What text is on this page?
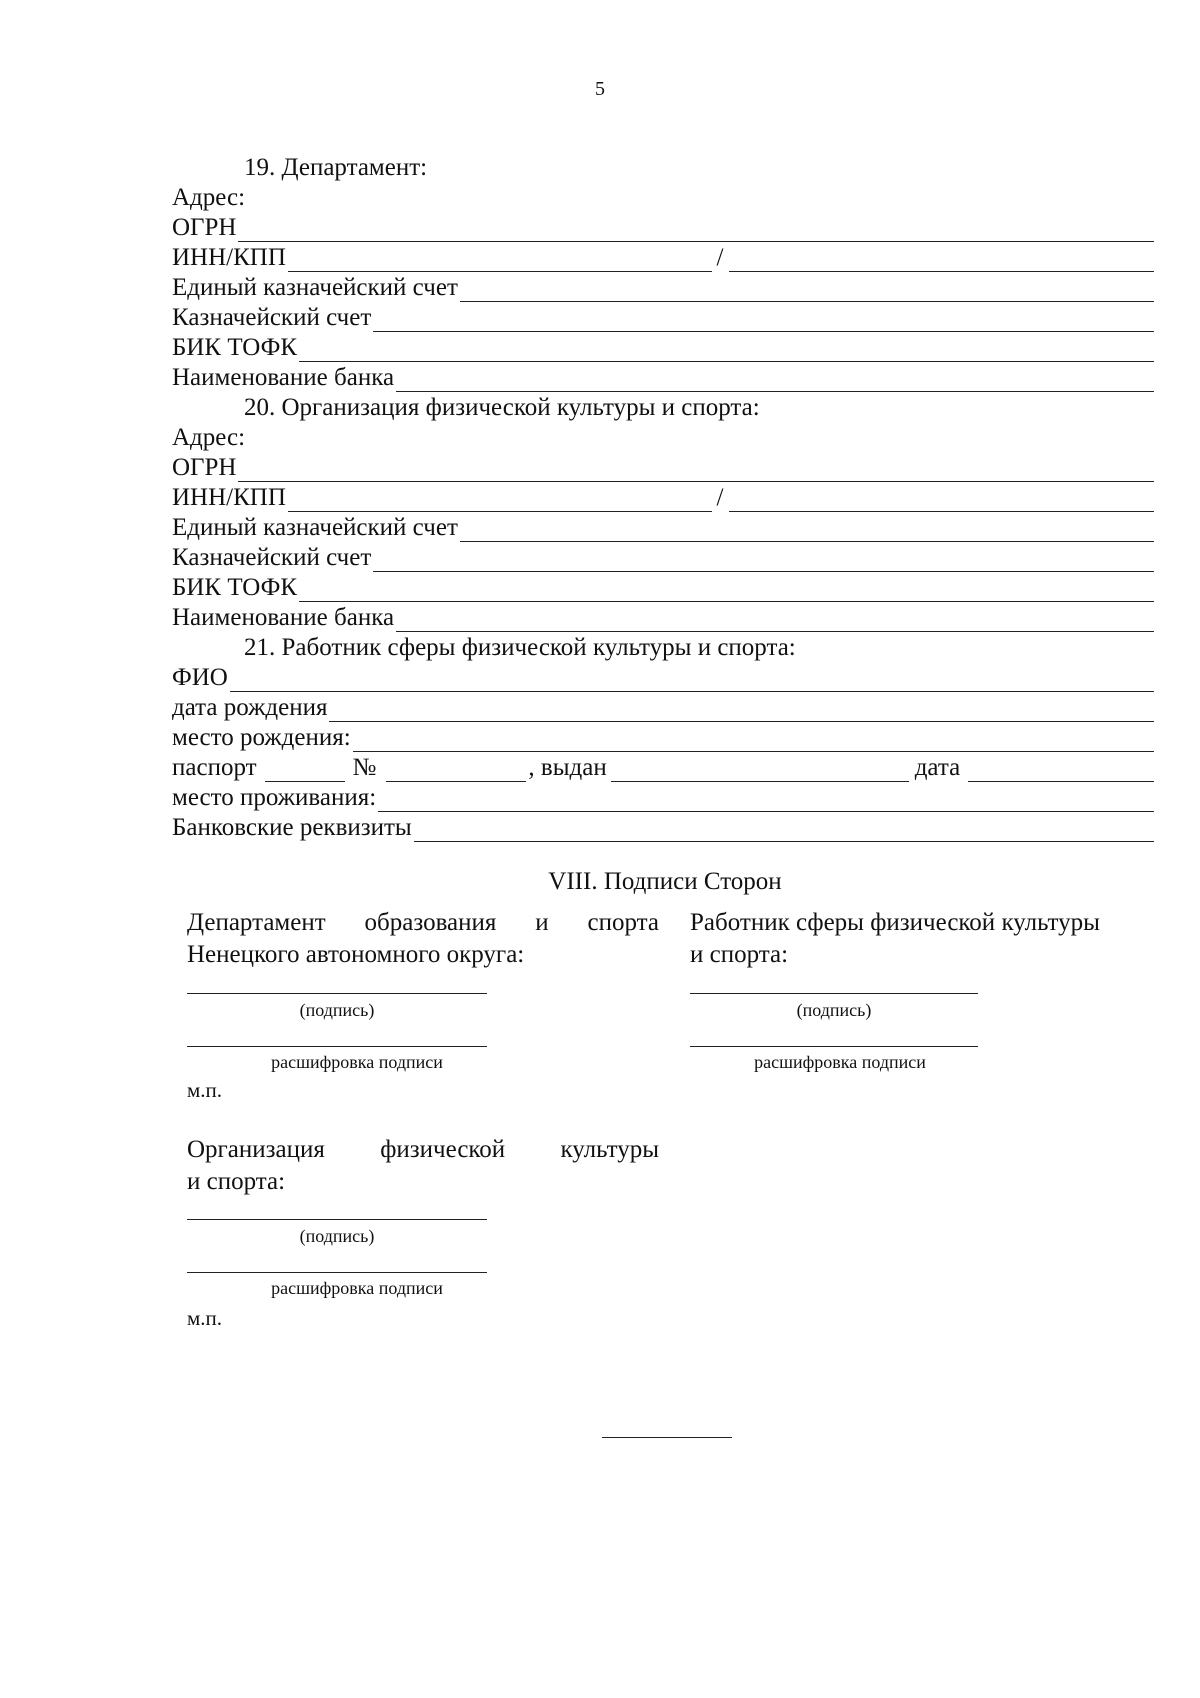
5
19. Департамент:
Адрес:
ОГРН
ИНН/КПП	/
Единый казначейский счет
Казначейский счет
БИК ТОФК
Наименование банка
20. Организация физической культуры и спорта:
Адрес:
ОГРН
ИНН/КПП	/
Единый казначейский счет
Казначейский счет
БИК ТОФК
Наименование банка
21. Работник сферы физической культуры и спорта:
ФИО
дата рождения
место рождения:
паспорт	№	, выдан	дата
место проживания:
Банковские реквизиты
VIII. Подписи Сторон
Департамент образования и спорта
Ненецкого автономного округа:
(подпись)
расшифровка подписи
м.п.
Работник сферы физической культуры
и спорта:
(подпись)
расшифровка подписи
Организация физической культуры
и спорта:
(подпись)
расшифровка подписи
м.п.
